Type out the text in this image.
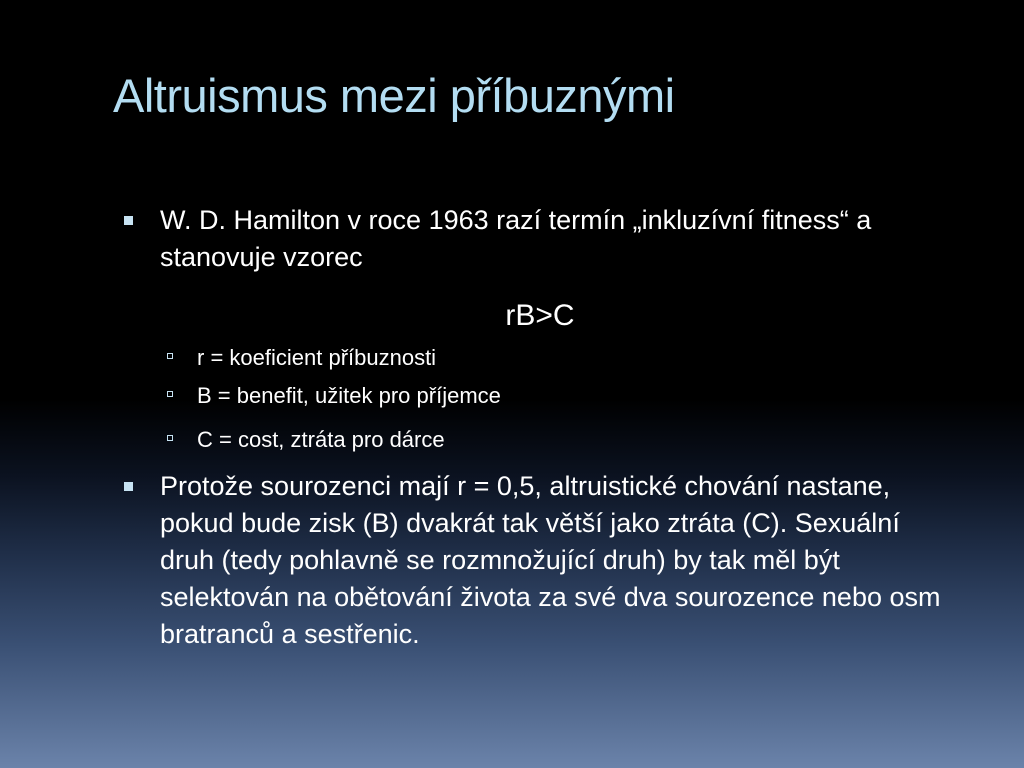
Altruismus mezi příbuznými
W. D. Hamilton v roce 1963 razí termín „inkluzívní fitness“ a stanovuje vzorec
rB>C
r = koeficient příbuznosti
B = benefit, užitek pro příjemce
C = cost, ztráta pro dárce
Protože sourozenci mají r = 0,5, altruistické chování nastane, pokud bude zisk (B) dvakrát tak větší jako ztráta (C). Sexuální druh (tedy pohlavně se rozmnožující druh) by tak měl být selektován na obětování života za své dva sourozence nebo osm bratranců a sestřenic.
